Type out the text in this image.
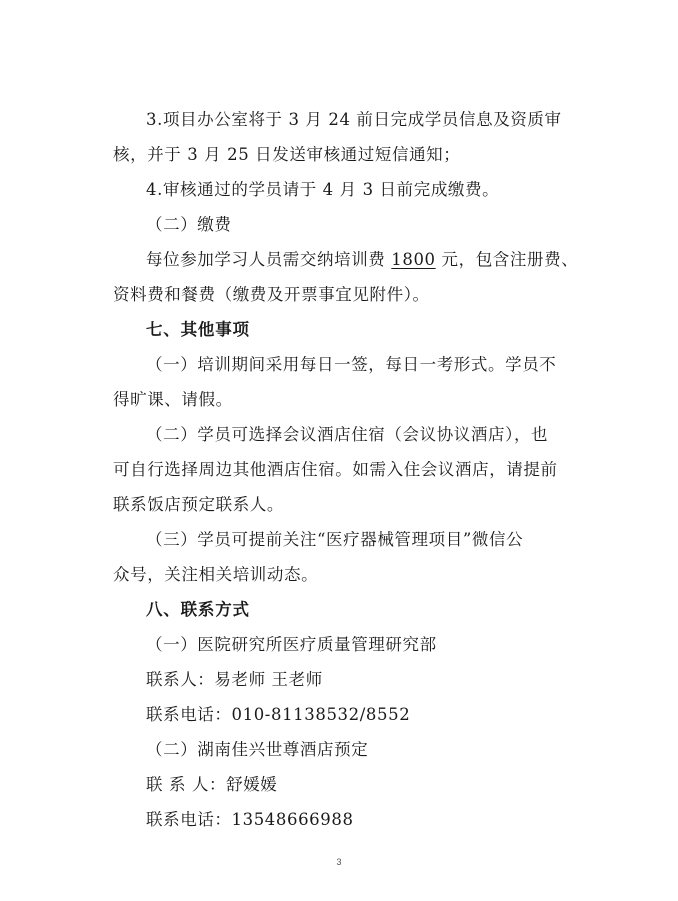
3.项目办公室将于 3 月 24 前日完成学员信息及资质审
核，并于 3 月 25 日发送审核通过短信通知；
4.审核通过的学员请于 4 月 3 日前完成缴费。
（二）缴费
每位参加学习人员需交纳培训费 1800 元，包含注册费、
资料费和餐费（缴费及开票事宜见附件）。
七、其他事项
（一）培训期间采用每日一签，每日一考形式。学员不
得旷课、请假。
（二）学员可选择会议酒店住宿（会议协议酒店），也
可自行选择周边其他酒店住宿。如需入住会议酒店，请提前
联系饭店预定联系人。
（三）学员可提前关注“医疗器械管理项目”微信公
众号，关注相关培训动态。
八、联系方式
（一）医院研究所医疗质量管理研究部
联系人：易老师 王老师
联系电话：010-81138532/8552
（二）湖南佳兴世尊酒店预定
联 系 人：舒媛媛
联系电话：13548666988
3
